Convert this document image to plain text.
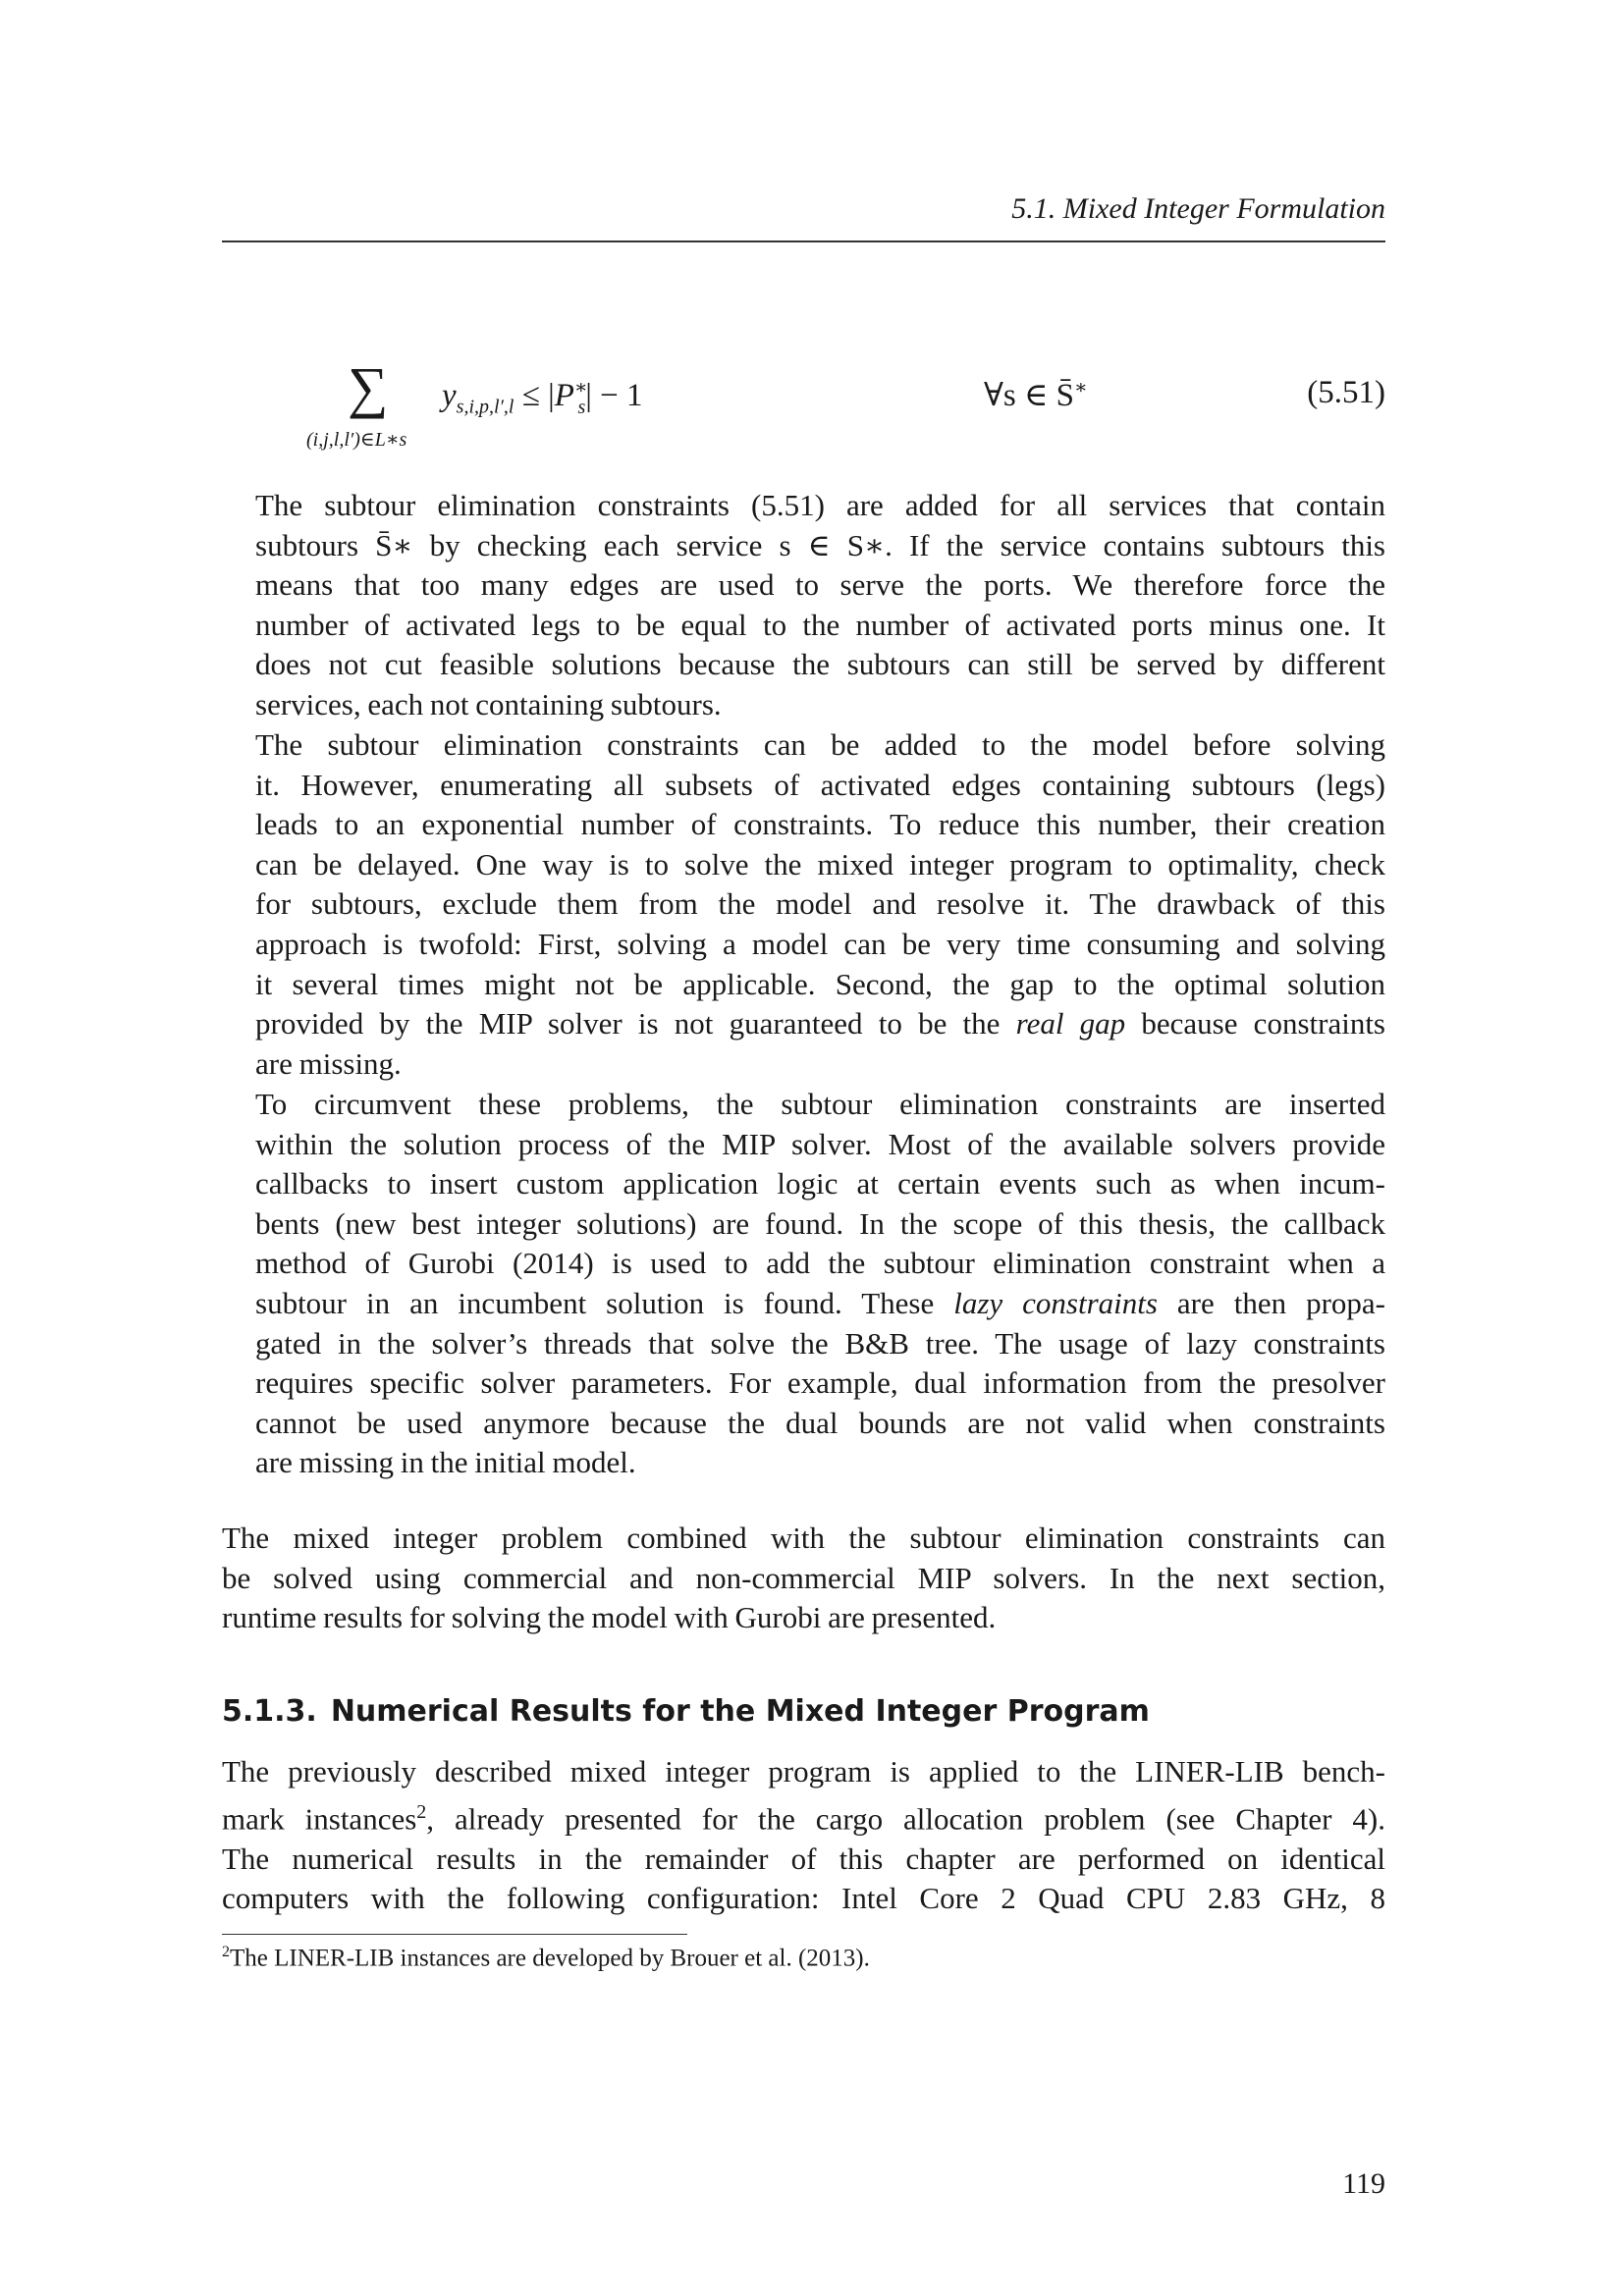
5.1. Mixed Integer Formulation
∑
(i,j,l,l′)∈L∗s
$y_{s,i,p,l',l} \le |P^∗_s| - 1$	∀s ∈ S̄∗	(5.51)

The subtour elimination constraints (5.51) are added for all services that contain
subtours S̄∗ by checking each service s ∈ S∗. If the service contains subtours this
means that too many edges are used to serve the ports. We therefore force the
number of activated legs to be equal to the number of activated ports minus one. It
does not cut feasible solutions because the subtours can still be served by different
services, each not containing subtours.

The subtour elimination constraints can be added to the model before solving
it. However, enumerating all subsets of activated edges containing subtours (legs)
leads to an exponential number of constraints. To reduce this number, their creation
can be delayed. One way is to solve the mixed integer program to optimality, check
for subtours, exclude them from the model and resolve it. The drawback of this
approach is twofold: First, solving a model can be very time consuming and solving
it several times might not be applicable. Second, the gap to the optimal solution
provided by the MIP solver is not guaranteed to be the real gap because constraints
are missing.

To circumvent these problems, the subtour elimination constraints are inserted
within the solution process of the MIP solver. Most of the available solvers provide
callbacks to insert custom application logic at certain events such as when incum-
bents (new best integer solutions) are found. In the scope of this thesis, the callback
method of Gurobi (2014) is used to add the subtour elimination constraint when a
subtour in an incumbent solution is found. These lazy constraints are then propa-
gated in the solver’s threads that solve the B&B tree. The usage of lazy constraints
requires specific solver parameters. For example, dual information from the presolver
cannot be used anymore because the dual bounds are not valid when constraints
are missing in the initial model.

The mixed integer problem combined with the subtour elimination constraints can
be solved using commercial and non-commercial MIP solvers. In the next section,
runtime results for solving the model with Gurobi are presented.

5.1.3. Numerical Results for the Mixed Integer Program

The previously described mixed integer program is applied to the LINER-LIB bench-
mark instances$^2$, already presented for the cargo allocation problem (see Chapter 4).
The numerical results in the remainder of this chapter are performed on identical
computers with the following configuration: Intel Core 2 Quad CPU 2.83 GHz, 8

$^2$The LINER-LIB instances are developed by Brouer et al. (2013).
119
